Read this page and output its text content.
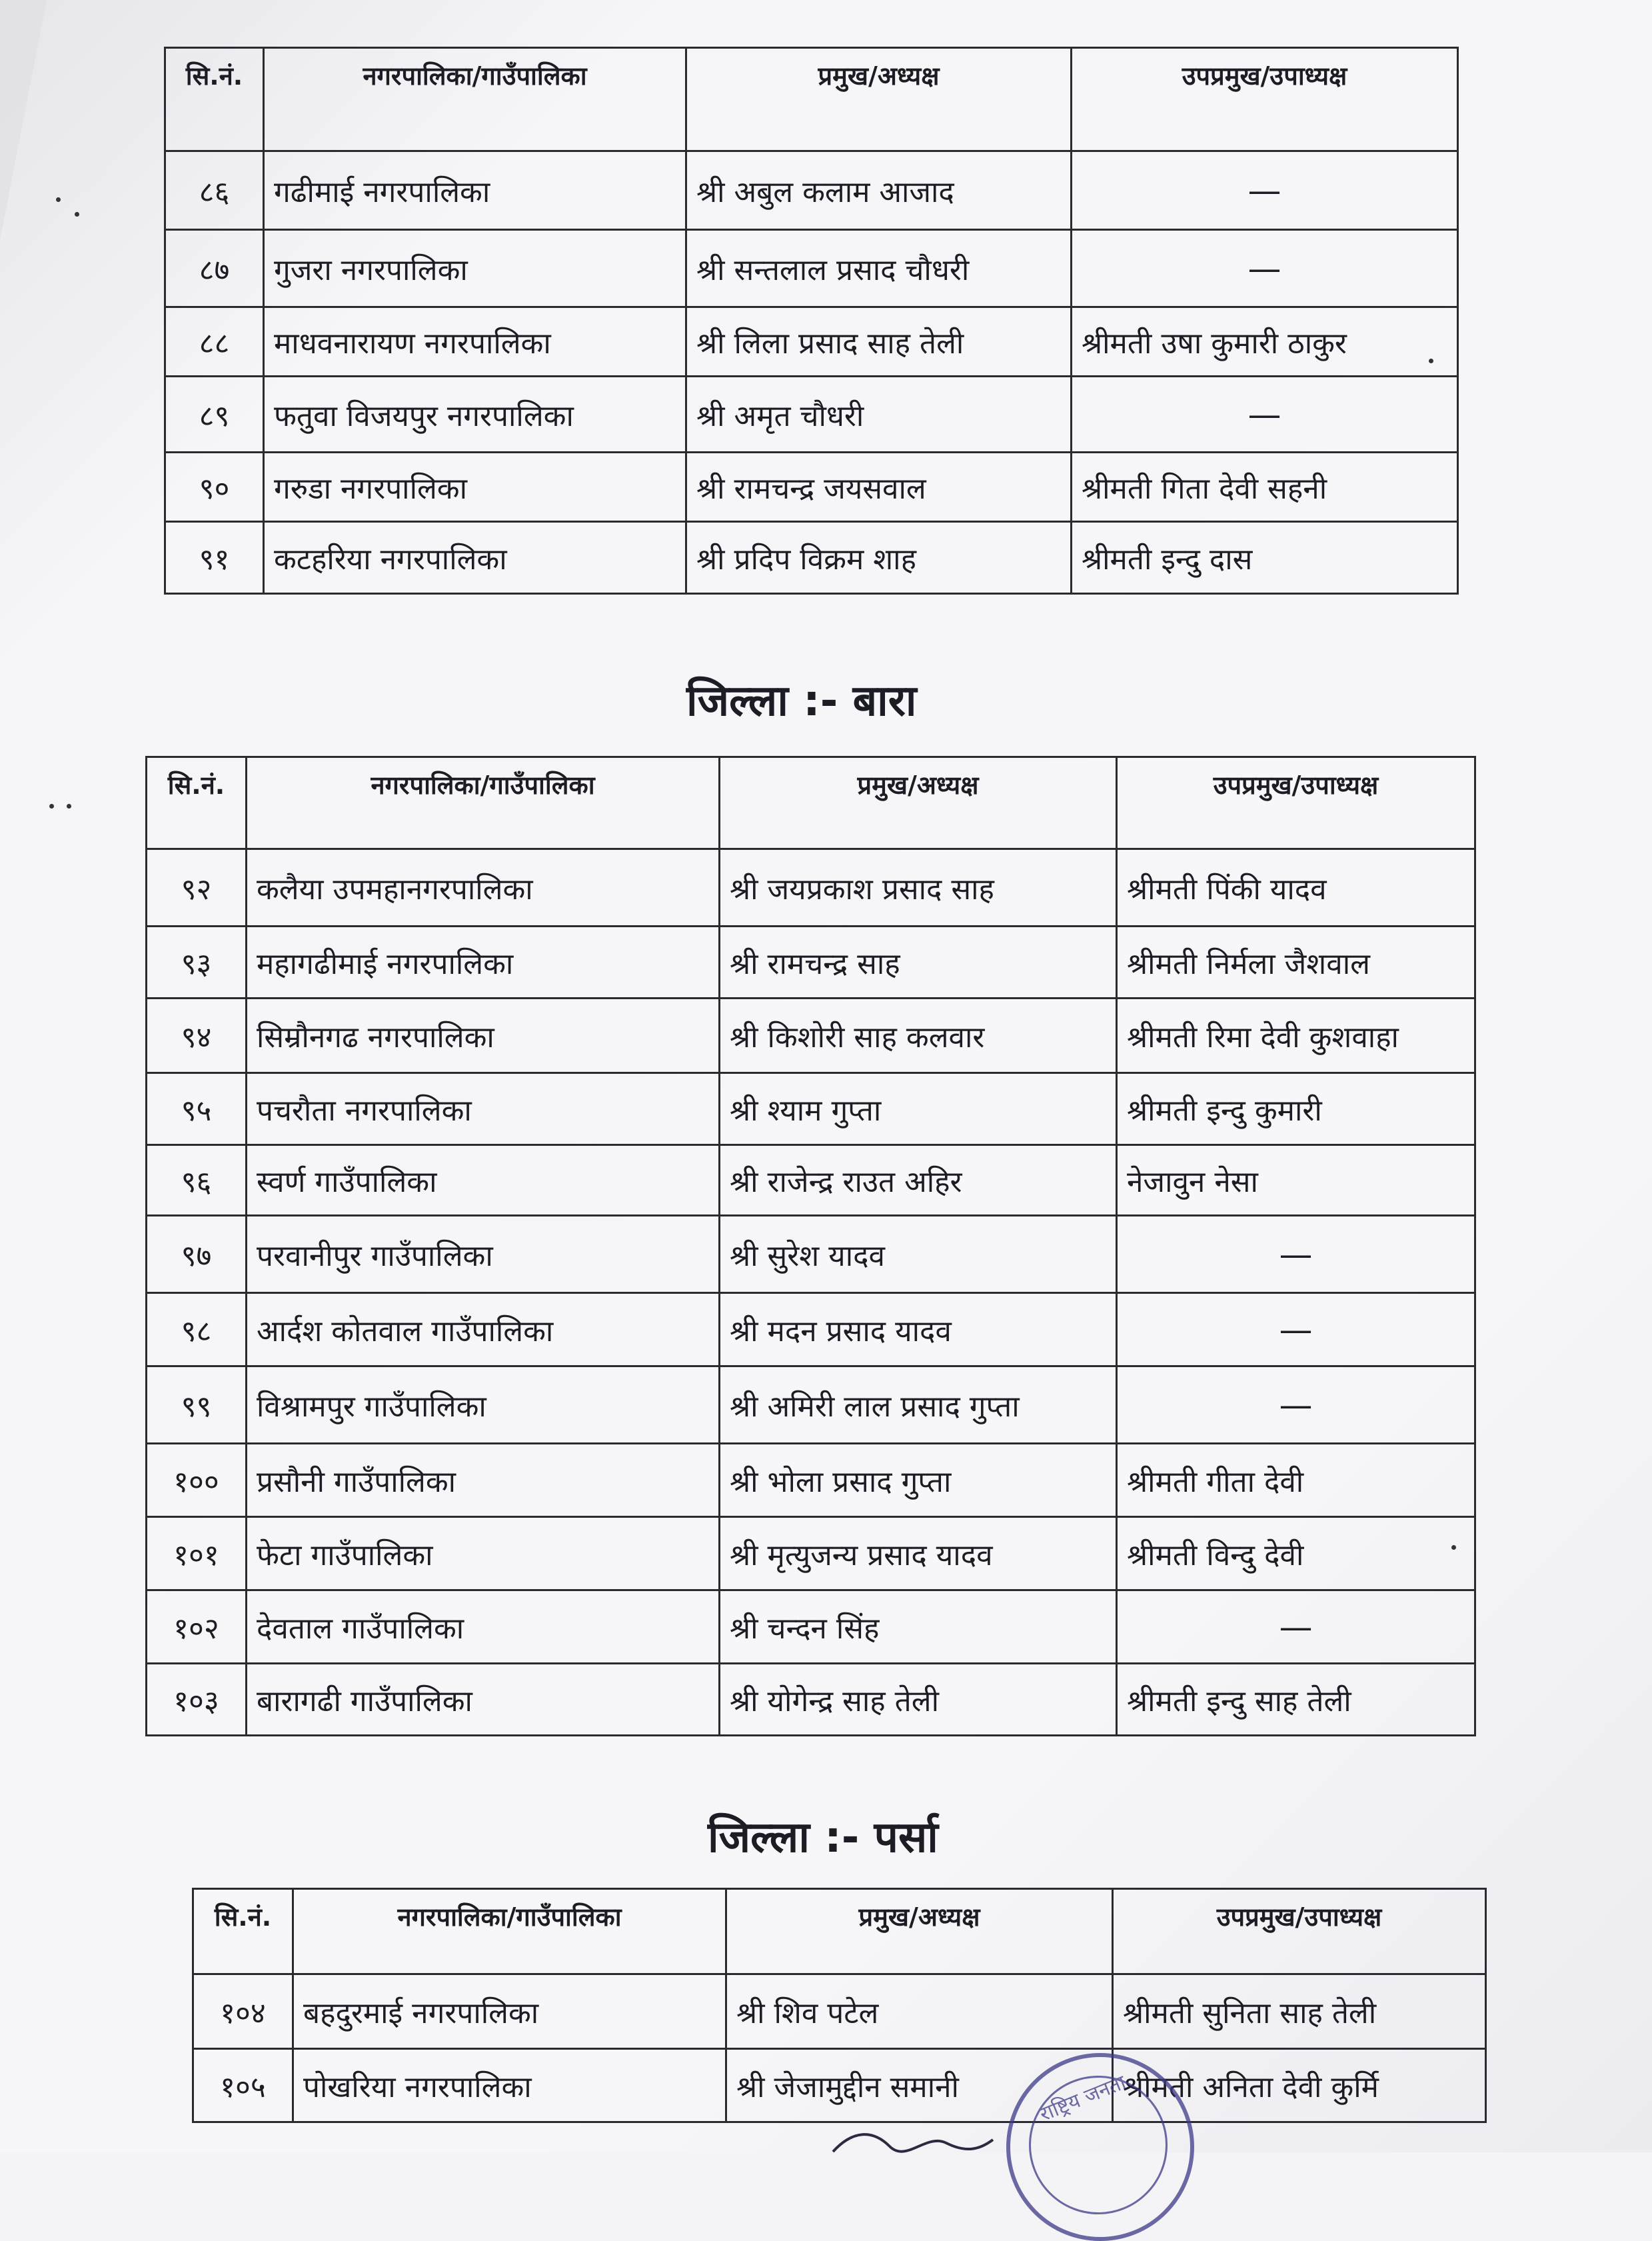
सि.नं.	नगरपालिका/गाउँपालिका	प्रमुख/अध्यक्ष	उपप्रमुख/उपाध्यक्ष
८६	गढीमाई नगरपालिका	श्री अबुल कलाम आजाद	—
८७	गुजरा नगरपालिका	श्री सन्तलाल प्रसाद चौधरी	—
८८	माधवनारायण नगरपालिका	श्री लिला प्रसाद साह तेली	श्रीमती उषा कुमारी ठाकुर
८९	फतुवा विजयपुर नगरपालिका	श्री अमृत चौधरी	—
९०	गरुडा नगरपालिका	श्री रामचन्द्र जयसवाल	श्रीमती गिता देवी सहनी
९१	कटहरिया नगरपालिका	श्री प्रदिप विक्रम शाह	श्रीमती इन्दु दास
जिल्ला :- बारा
सि.नं.	नगरपालिका/गाउँपालिका	प्रमुख/अध्यक्ष	उपप्रमुख/उपाध्यक्ष
९२	कलैया उपमहानगरपालिका	श्री जयप्रकाश प्रसाद साह	श्रीमती पिंकी यादव
९३	महागढीमाई नगरपालिका	श्री रामचन्द्र साह	श्रीमती निर्मला जैशवाल
९४	सिम्रौनगढ नगरपालिका	श्री किशोरी साह कलवार	श्रीमती रिमा देवी कुशवाहा
९५	पचरौता नगरपालिका	श्री श्याम गुप्ता	श्रीमती इन्दु कुमारी
९६	स्वर्ण गाउँपालिका	श्री राजेन्द्र राउत अहिर	नेजावुन नेसा
९७	परवानीपुर गाउँपालिका	श्री सुरेश यादव	—
९८	आर्दश कोतवाल गाउँपालिका	श्री मदन प्रसाद यादव	—
९९	विश्रामपुर गाउँपालिका	श्री अमिरी लाल प्रसाद गुप्ता	—
१००	प्रसौनी गाउँपालिका	श्री भोला प्रसाद गुप्ता	श्रीमती गीता देवी
१०१	फेटा गाउँपालिका	श्री मृत्युजन्य प्रसाद यादव	श्रीमती विन्दु देवी
१०२	देवताल गाउँपालिका	श्री चन्दन सिंह	—
१०३	बारागढी गाउँपालिका	श्री योगेन्द्र साह तेली	श्रीमती इन्दु साह तेली
जिल्ला :- पर्सा
सि.नं.	नगरपालिका/गाउँपालिका	प्रमुख/अध्यक्ष	उपप्रमुख/उपाध्यक्ष
१०४	बहदुरमाई नगरपालिका	श्री शिव पटेल	श्रीमती सुनिता साह तेली
१०५	पोखरिया नगरपालिका	श्री जेजामुद्दीन समानी	श्रीमती अनिता देवी कुर्मि
राष्ट्रिय जनता
